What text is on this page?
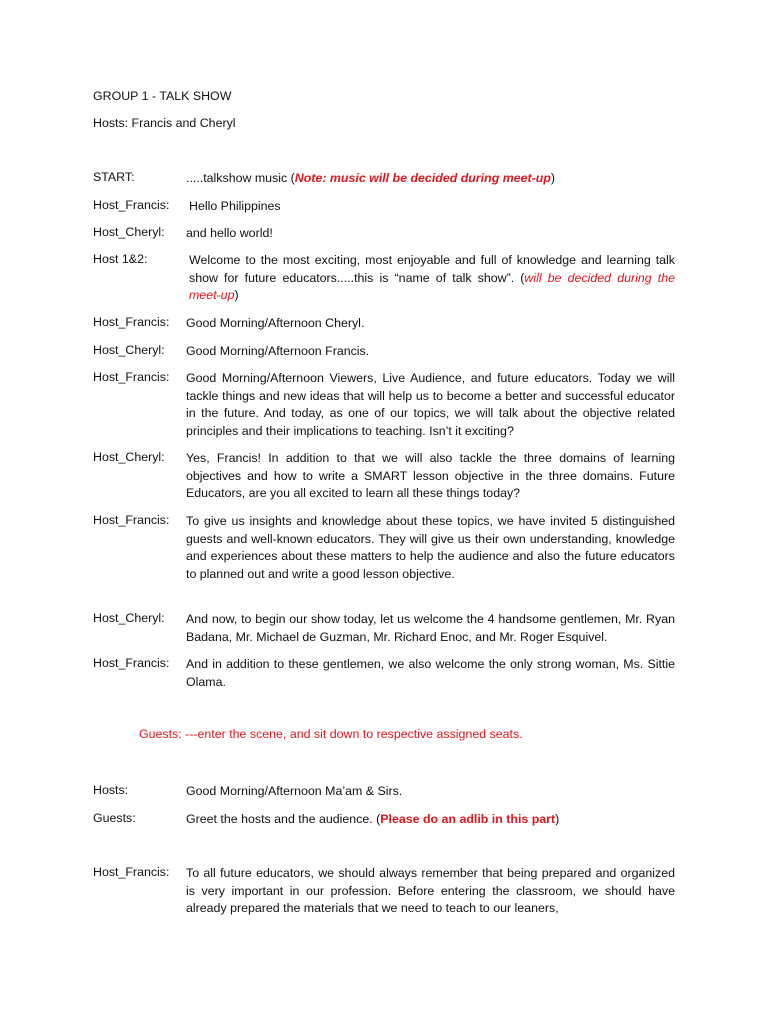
GROUP 1 - TALK SHOW
Hosts: Francis and Cheryl
START:	.....talkshow music (Note: music will be decided during meet-up)
Host_Francis: Hello Philippines
Host_Cheryl: and hello world!
Host 1&2:	Welcome to the most exciting, most enjoyable and full of knowledge and learning talk show for future educators.....this is “name of talk show”. (will be decided during the meet-up)
Host_Francis: Good Morning/Afternoon Cheryl.
Host_Cheryl: Good Morning/Afternoon Francis.
Host_Francis: Good Morning/Afternoon Viewers, Live Audience, and future educators. Today we will tackle things and new ideas that will help us to become a better and successful educator in the future. And today, as one of our topics, we will talk about the objective related principles and their implications to teaching. Isn’t it exciting?
Host_Cheryl: Yes, Francis! In addition to that we will also tackle the three domains of learning objectives and how to write a SMART lesson objective in the three domains. Future Educators, are you all excited to learn all these things today?
Host_Francis: To give us insights and knowledge about these topics, we have invited 5 distinguished guests and well-known educators. They will give us their own understanding, knowledge and experiences about these matters to help the audience and also the future educators to planned out and write a good lesson objective.
Host_Cheryl: And now, to begin our show today, let us welcome the 4 handsome gentlemen, Mr. Ryan Badana, Mr. Michael de Guzman, Mr. Richard Enoc, and Mr. Roger Esquivel.
Host_Francis: And in addition to these gentlemen, we also welcome the only strong woman, Ms. Sittie Olama.
Guests: ---enter the scene, and sit down to respective assigned seats.
Hosts:	Good Morning/Afternoon Ma’am & Sirs.
Guests:	Greet the hosts and the audience. (Please do an adlib in this part)
Host_Francis: To all future educators, we should always remember that being prepared and organized is very important in our profession. Before entering the classroom, we should have already prepared the materials that we need to teach to our leaners,
